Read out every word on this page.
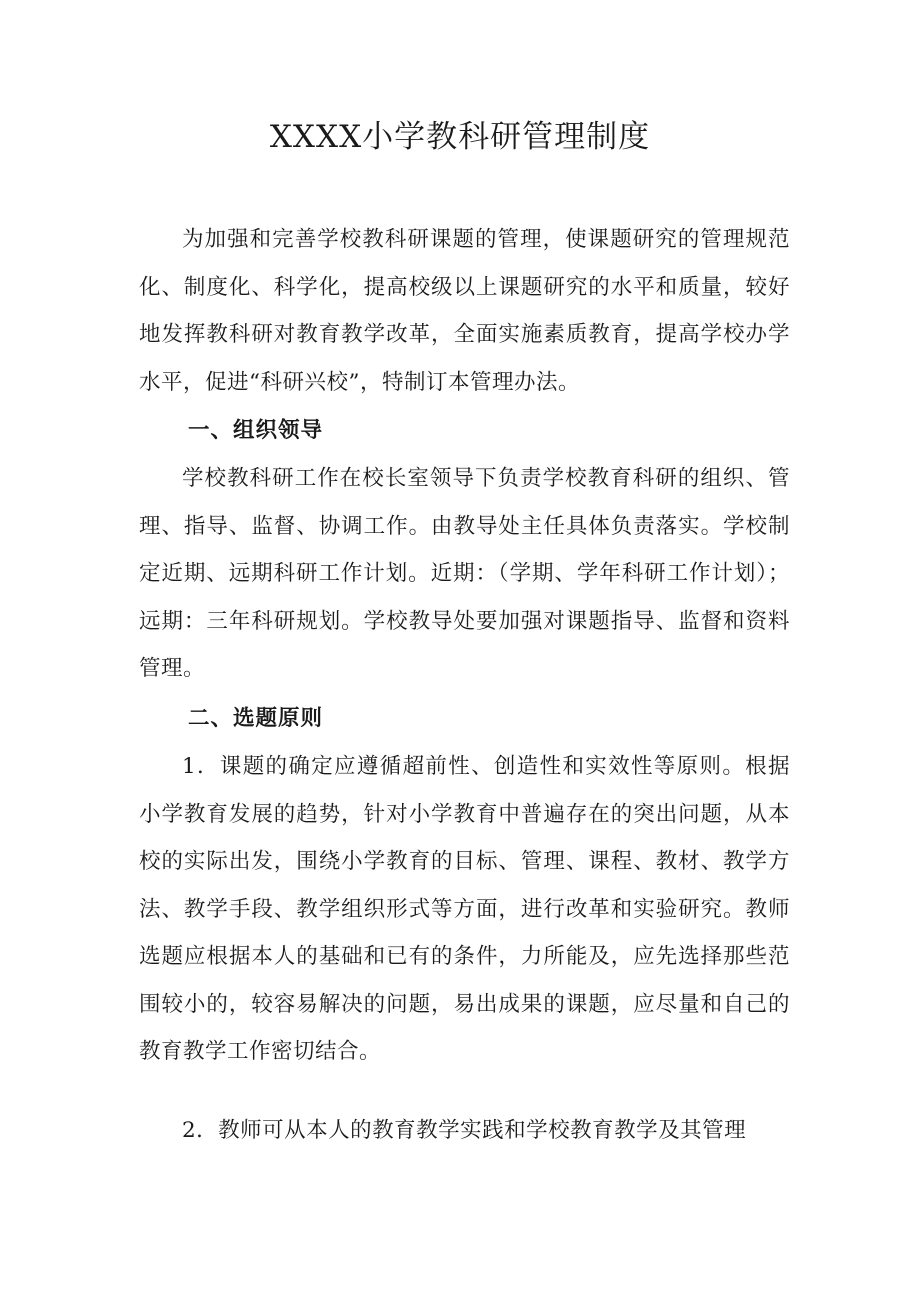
XXXX小学教科研管理制度
为加强和完善学校教科研课题的管理，使课题研究的管理规范化、制度化、科学化，提高校级以上课题研究的水平和质量，较好地发挥教科研对教育教学改革，全面实施素质教育，提高学校办学水平，促进“科研兴校”，特制订本管理办法。
一、组织领导
学校教科研工作在校长室领导下负责学校教育科研的组织、管理、指导、监督、协调工作。由教导处主任具体负责落实。学校制定近期、远期科研工作计划。近期：（学期、学年科研工作计划）；远期：三年科研规划。学校教导处要加强对课题指导、监督和资料管理。
二、选题原则
1．课题的确定应遵循超前性、创造性和实效性等原则。根据小学教育发展的趋势，针对小学教育中普遍存在的突出问题，从本校的实际出发，围绕小学教育的目标、管理、课程、教材、教学方法、教学手段、教学组织形式等方面，进行改革和实验研究。教师选题应根据本人的基础和已有的条件，力所能及，应先选择那些范围较小的，较容易解决的问题，易出成果的课题，应尽量和自己的教育教学工作密切结合。
2．教师可从本人的教育教学实践和学校教育教学及其管理
